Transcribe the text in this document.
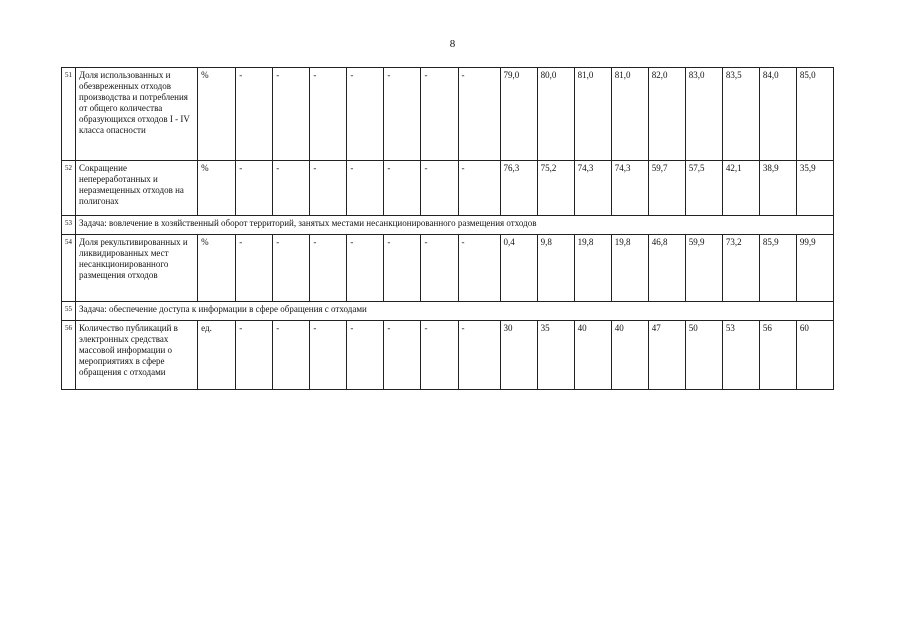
8
51	Доля использованных и обезвреженных отходов производства и потребления от общего количества образующихся отходов I - IV класса опасности	%	-	-	-	-	-	-	-	79,0	80,0	81,0	81,0	82,0	83,0	83,5	84,0	85,0
52	Сокращение непереработанных и неразмещенных отходов на полигонах	%	-	-	-	-	-	-	-	76,3	75,2	74,3	74,3	59,7	57,5	42,1	38,9	35,9
53	Задача: вовлечение в хозяйственный оборот территорий, занятых местами несанкционированного размещения отходов																	
54	Доля рекультивированных и ликвидированных мест несанкционированного размещения отходов	%	-	-	-	-	-	-	-	0,4	9,8	19,8	19,8	46,8	59,9	73,2	85,9	99,9
55	Задача: обеспечение доступа к информации в сфере обращения с отходами																	
56	Количество публикаций в электронных средствах массовой информации о мероприятиях в сфере обращения с отходами	ед.	-	-	-	-	-	-	-	30	35	40	40	47	50	53	56	60
